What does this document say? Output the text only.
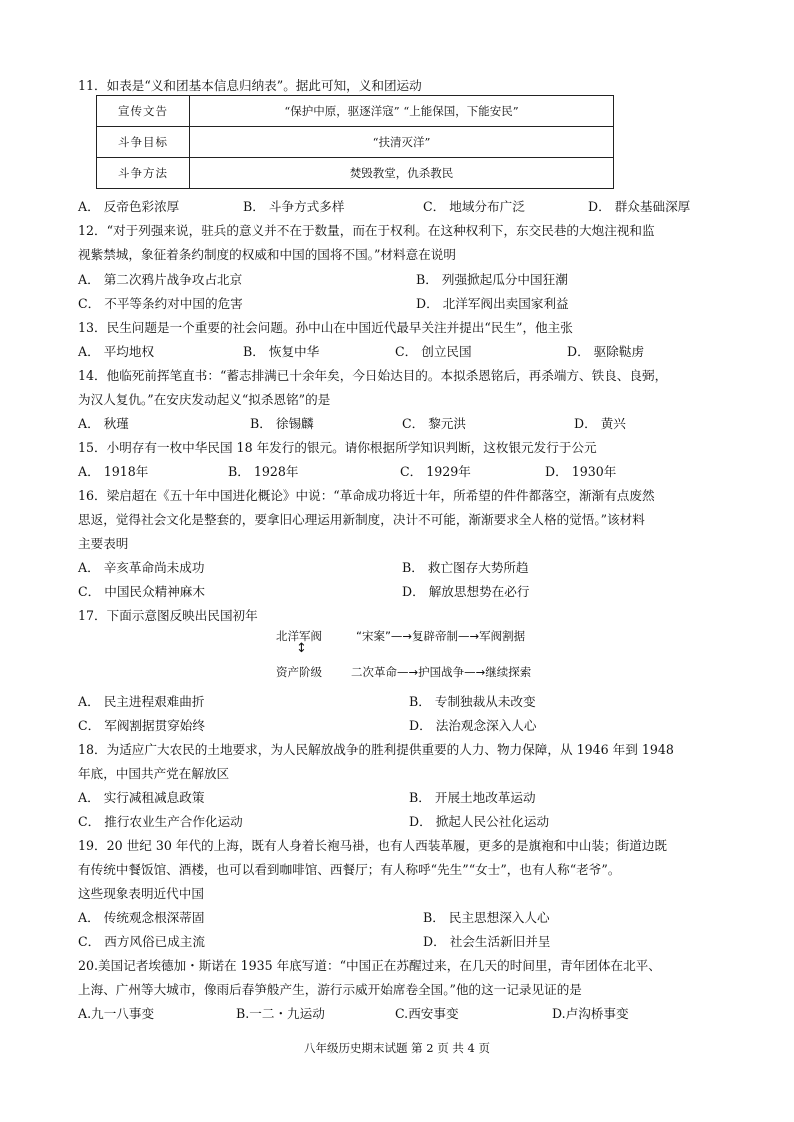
11．如表是“义和团基本信息归纳表”。据此可知，义和团运动
宣传文告	“保护中原，驱逐洋寇” “上能保国，下能安民”
斗争目标	“扶清灭洋”
斗争方法	焚毁教堂，仇杀教民
A． 反帝色彩浓厚	B． 斗争方式多样	C． 地域分布广泛	D． 群众基础深厚
12．“对于列强来说，驻兵的意义并不在于数量，而在于权利。在这种权利下，东交民巷的大炮注视和监
视紫禁城，象征着条约制度的权威和中国的国将不国。”材料意在说明
A． 第二次鸦片战争攻占北京	B． 列强掀起瓜分中国狂潮
C． 不平等条约对中国的危害	D． 北洋军阀出卖国家利益
13．民生问题是一个重要的社会问题。孙中山在中国近代最早关注并提出“民生”，他主张
A． 平均地权	B． 恢复中华	C． 创立民国	D． 驱除鞑虏
14．他临死前挥笔直书：“蓄志排满已十余年矣，今日始达目的。本拟杀恩铭后，再杀端方、铁良、良弼，
为汉人复仇。”在安庆发动起义“拟杀恩铭”的是
A． 秋瑾	B． 徐锡麟	C． 黎元洪	D． 黄兴
15．小明存有一枚中华民国 18 年发行的银元。请你根据所学知识判断，这枚银元发行于公元
A． 1918年	B． 1928年	C． 1929年	D． 1930年
16．梁启超在《五十年中国进化概论》中说：“革命成功将近十年，所希望的件件都落空，渐渐有点废然
思返，觉得社会文化是整套的，要拿旧心理运用新制度，决计不可能，渐渐要求全人格的觉悟。”该材料
主要表明
A． 辛亥革命尚未成功	B． 救亡图存大势所趋
C． 中国民众精神麻木	D． 解放思想势在必行
17．下面示意图反映出民国初年
北洋军阀	“宋案”—→复辟帝制—→军阀割据
↕
资产阶级	二次革命—→护国战争—→继续探索
A． 民主进程艰难曲折	B． 专制独裁从未改变
C． 军阀割据贯穿始终	D． 法治观念深入人心
18．为适应广大农民的土地要求，为人民解放战争的胜利提供重要的人力、物力保障，从 1946 年到 1948
年底，中国共产党在解放区
A． 实行减租减息政策	B． 开展土地改革运动
C． 推行农业生产合作化运动	D． 掀起人民公社化运动
19．20 世纪 30 年代的上海，既有人身着长袍马褂，也有人西装革履，更多的是旗袍和中山装；街道边既
有传统中餐饭馆、酒楼，也可以看到咖啡馆、西餐厅；有人称呼“先生”“女士”，也有人称“老爷”。
这些现象表明近代中国
A． 传统观念根深蒂固	B． 民主思想深入人心
C． 西方风俗已成主流	D． 社会生活新旧并呈
20.美国记者埃德加・斯诺在 1935 年底写道：“中国正在苏醒过来，在几天的时间里，青年团体在北平、
上海、广州等大城市，像雨后春笋般产生，游行示威开始席卷全国。”他的这一记录见证的是
A.九一八事变	B.一二・九运动	C.西安事变	D.卢沟桥事变
八年级历史期末试题 第 2 页 共 4 页
